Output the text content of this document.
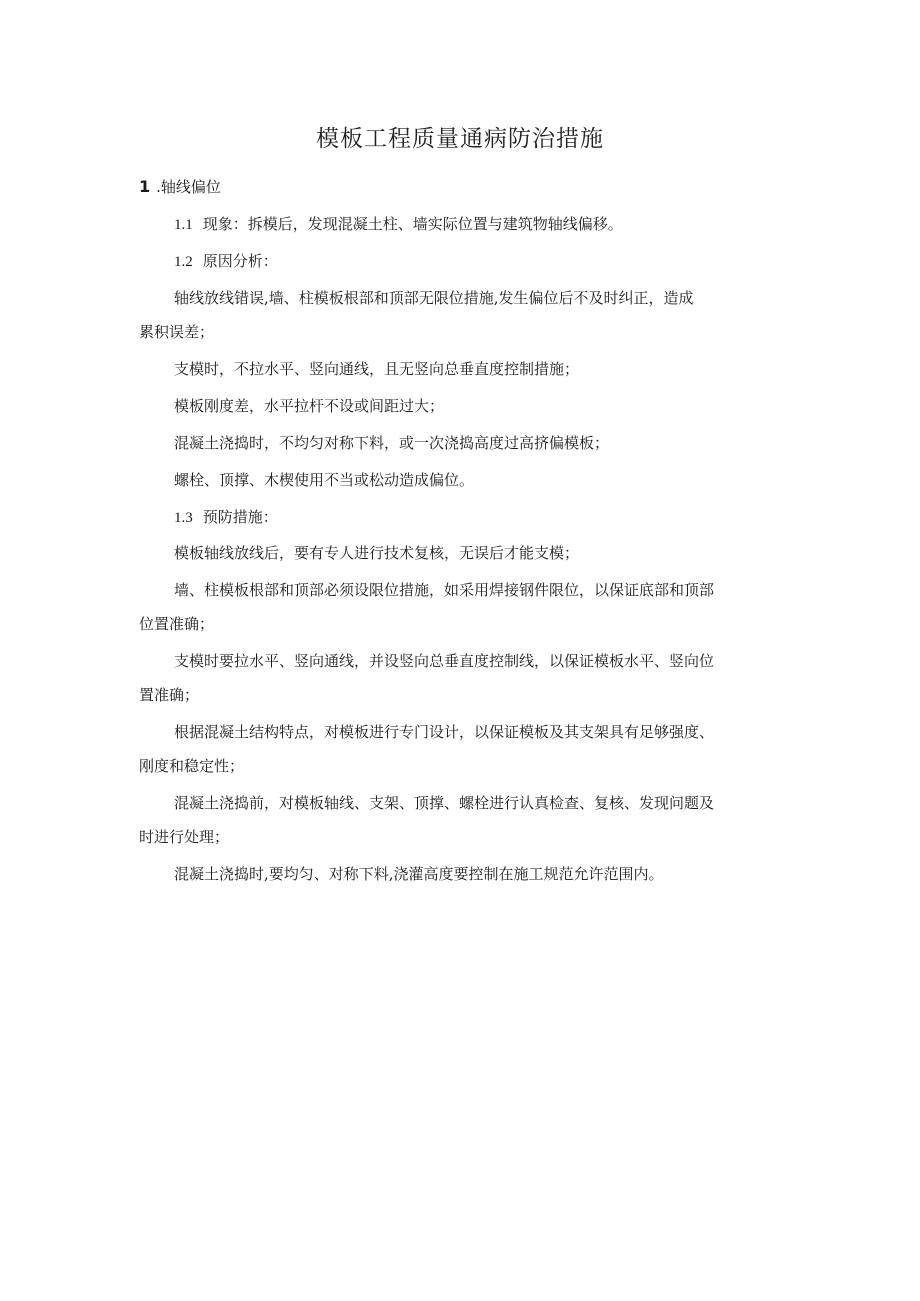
模板工程质量通病防治措施
1 .轴线偏位
1.1 现象：拆模后，发现混凝土柱、墙实际位置与建筑物轴线偏移。
1.2 原因分析：
轴线放线错误,墙、柱模板根部和顶部无限位措施,发生偏位后不及时纠正，造成
累积误差；
支模时，不拉水平、竖向通线，且无竖向总垂直度控制措施；
模板刚度差，水平拉杆不设或间距过大；
混凝土浇捣时，不均匀对称下料，或一次浇捣高度过高挤偏模板；
螺栓、顶撑、木楔使用不当或松动造成偏位。
1.3 预防措施：
模板轴线放线后，要有专人进行技术复核，无误后才能支模；
墙、柱模板根部和顶部必须设限位措施，如采用焊接钢件限位，以保证底部和顶部
位置准确；
支模时要拉水平、竖向通线，并设竖向总垂直度控制线，以保证模板水平、竖向位
置准确；
根据混凝土结构特点，对模板进行专门设计，以保证模板及其支架具有足够强度、
刚度和稳定性；
混凝土浇捣前，对模板轴线、支架、顶撑、螺栓进行认真检查、复核、发现问题及
时进行处理；
混凝土浇捣时,要均匀、对称下料,浇灌高度要控制在施工规范允许范围内。
